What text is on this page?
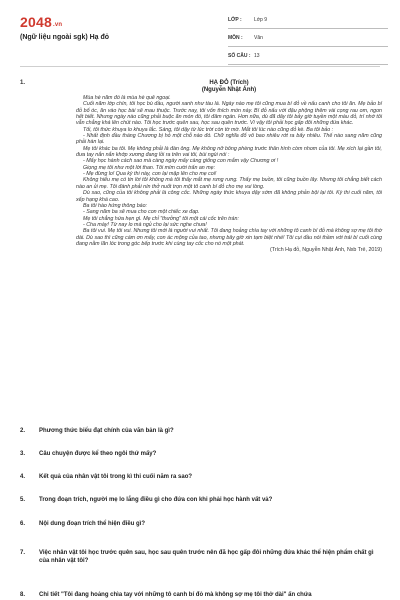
2048.vn
(Ngữ liệu ngoài sgk) Hạ đỏ
LỚP : Lớp 9
MÔN : Văn
SỐ CÂU : 13
1.	HẠ ĐỎ (Trích)
(Nguyễn Nhật Ánh)

Mùa hè năm đó là mùa hè quê ngoại.

Cuối năm lớp chín, tôi học bù đầu, người xanh như tàu lá. Ngày nào mẹ tôi cũng mua bí đỏ về nấu canh cho tôi ăn. Mẹ bảo bí đỏ bổ óc, ăn vào học bài sẽ mau thuộc. Trước nay, tôi vốn thích món này. Bí đỏ nấu với đậu phộng thêm vài cọng rau om, ngon hết biết. Nhưng ngày nào cũng phải buộc ăn món đó, tôi đâm ngán. Hơn nữa, dù đã dây tôi bảy giờ tuyền một màu đỏ, trí nhớ tôi vẫn chẳng khá lên chút nào. Tôi học trước quên sau, học sau quên trước. Vì vậy tôi phải học gấp đôi những đứa khác.

Tối, tôi thức khuya lo khuya lắc. Sáng, tôi dậy từ lúc trời còn tờ mờ. Mắt tôi lúc nào cũng đỏ kè. Ba tôi bảo :

- Nhất định đầu tháng Chương bị hỏ một chỗ nào đó. Chữ nghĩa đổ vô bao nhiêu rớt ra bấy nhiêu. Thế nào sang năm cũng phải hàn lại.

Mẹ tôi khác ba tôi. Mẹ không phải là đàn ông. Mẹ không nỡ bông phèng trước thân hình còm nhom của tôi. Mẹ xích lại gần tôi, đưa tay nắn nắn khớp xương đang lồi ra trên vai tôi, bùi ngùi nói :

- Mấy học hành cách sao mà càng ngày mấy càng giống con mắm vậy Chương ơi !

Giọng mẹ tôi như một lời than. Tôi mím cười trấn an mẹ:

- Mẹ đừng lo! Qua kỳ thi này, con lại mập lên cho mẹ coi!

Không hiểu mẹ có tin lời tôi không mà tôi thấy mắt mẹ rưng rưng. Thấy mẹ buồn, tôi cũng buồn lây. Nhưng tôi chẳng biết cách nào an ủi mẹ. Tôi đành phải nín thở nuốt trọn một tô canh bí đỏ cho mẹ vui lòng.

Dù sao, cũng của tôi không phải là công cốc. Những ngày thức khuya dậy sớm đã không phản bội lại tôi. Kỳ thi cuối năm, tôi xếp hạng khá cao.

Ba tôi hào hứng thông báo:

- Sang năm ba sẽ mua cho con một chiếc xe đạp.

Mẹ tôi chẳng hứa hẹn gì. Mẹ chỉ "thưởng" tôi một cái cốc trên trán:

- Cha mày! Từ nay lo mà ngủ cho lại sức nghe chưa!

Ba tôi vui. Mẹ tôi vui. Nhưng tôi mới là người vui nhất. Tôi đang hoảng chìa tay với những tô canh bí đỏ mà không sợ mẹ tôi thờ dài. Dù sao thì cũng cám ơn mấy, con ác mộng của tao, nhưng bây giờ xin tạm biệt nhé! Tôi cụi đầu nói thầm với trái bí cuối cùng đang nằm lăn lóc trong góc bếp trước khi cùng tay cốc cho nó một phát.

(Trích Hạ đỏ, Nguyễn Nhật Ánh, Nxb Trẻ, 2019)

2. Phương thức biểu đạt chính của văn bản là gì?
3. Câu chuyện được kể theo ngôi thứ mấy?
4. Kết quả của nhân vật tôi trong kì thi cuối năm ra sao?
5. Trong đoạn trích, người mẹ lo lắng điều gì cho đứa con khi phải học hành vất vả?
6. Nội dung đoạn trích thể hiện điều gì?
7. Việc nhân vật tôi học trước quên sau, học sau quên trước nên đã học gấp đôi những đứa khác thể hiện phẩm chất gì của nhân vật tôi?
8. Chỉ tiết "Tôi đang hoảng chìa tay với những tô canh bí đỏ mà không sợ mẹ tôi thở dài" ấn chứa
